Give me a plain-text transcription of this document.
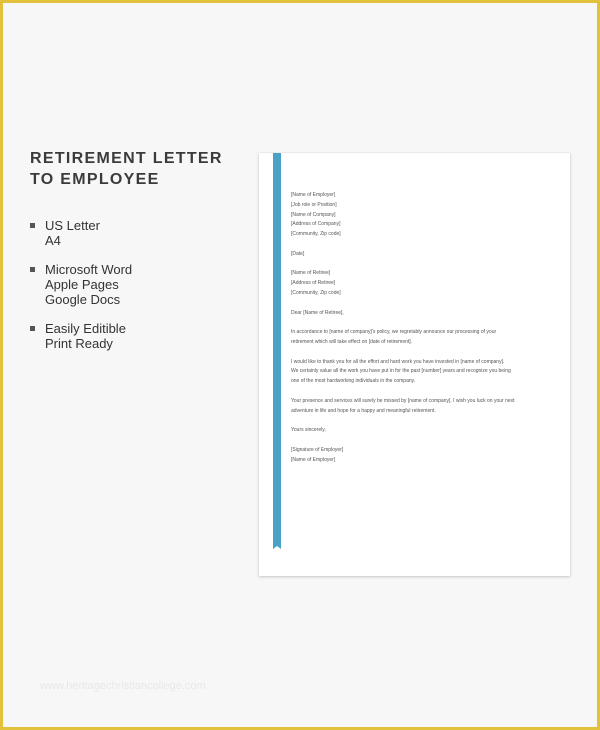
RETIREMENT LETTER
TO EMPLOYEE
US Letter
A4
Microsoft Word
Apple Pages
Google Docs
Easily Editible
Print Ready

[Name of Employer]
[Job role or Position]
[Name of Company]
[Address of Company]
[Community, Zip code]

[Date]

[Name of Retiree]
[Address of Retiree]
[Community, Zip code]

Dear [Name of Retiree],

In accordance to [name of company]'s policy, we regretably announce our processing of your
retirement which will take effect on [date of retirement].

I would like to thank you for all the effort and hard work you have invested in [name of company].
We certainly value all the work you have put in for the past [number] years and recognize you being
one of the most hardworking individuals in the company.

Your presence and services will surely be missed by [name of company]. I wish you luck on your next
adventure in life and hope for a happy and meaningful retirement.

Yours sincerely,

[Signature of Employer]
[Name of Employer]

www.heritagechristiancollege.com
